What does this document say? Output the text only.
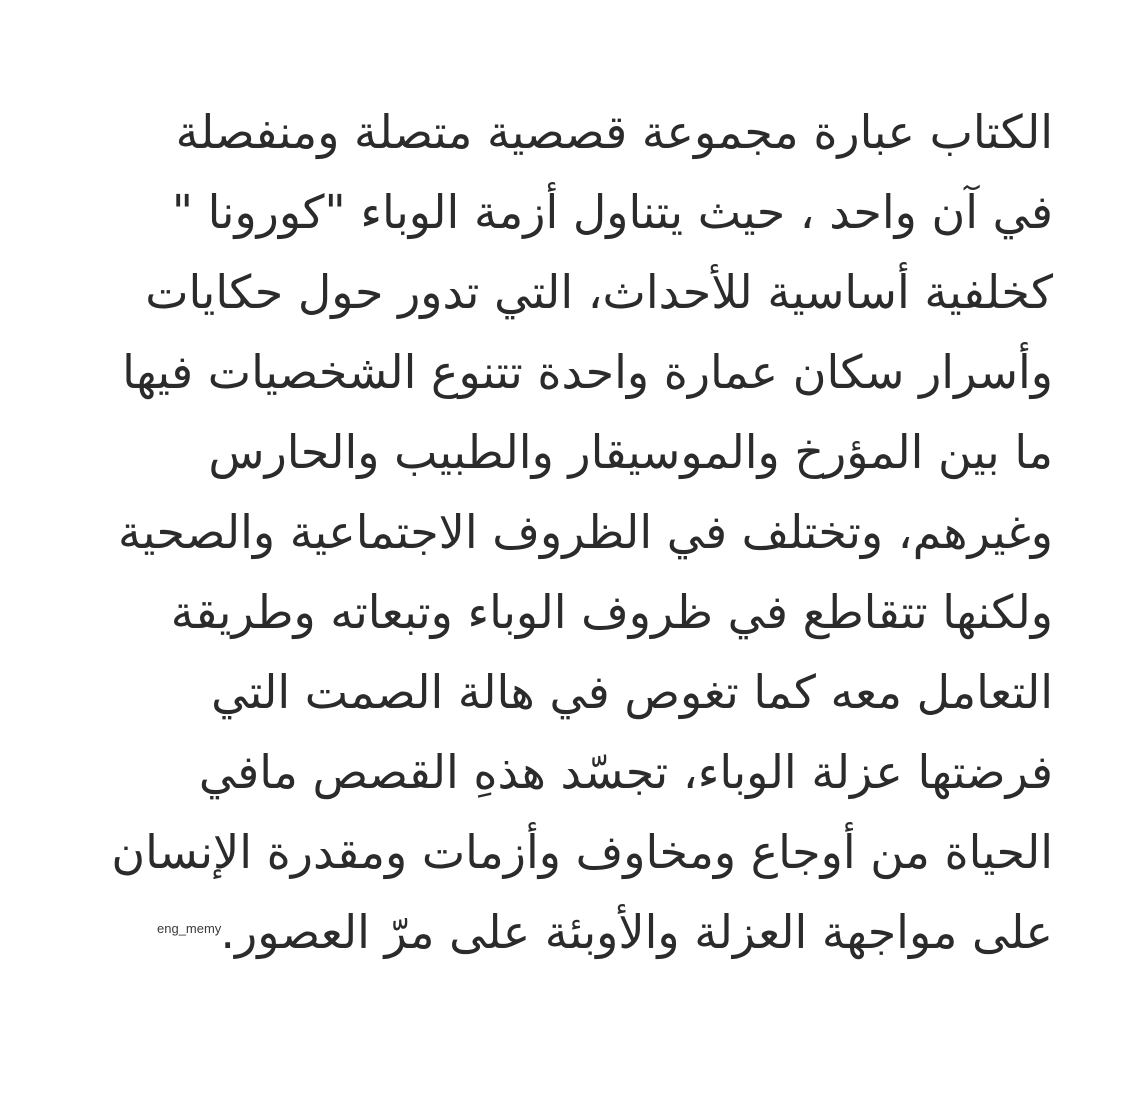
الكتاب عبارة مجموعة قصصية متصلة ومنفصلة
في آن واحد ، حيث يتناول أزمة الوباء "كورونا "
كخلفية أساسية للأحداث، التي تدور حول حكايات
وأسرار سكان عمارة واحدة تتنوع الشخصيات فيها
ما بين المؤرخ والموسيقار والطبيب والحارس
وغيرهم، وتختلف في الظروف الاجتماعية والصحية
ولكنها تتقاطع في ظروف الوباء وتبعاته وطريقة
التعامل معه كما تغوص في هالة الصمت التي
فرضتها عزلة الوباء، تجسّد هذهِ القصص مافي
الحياة من أوجاع ومخاوف وأزمات ومقدرة الإنسان
على مواجهة العزلة والأوبئة على مرّ العصور.
eng_memy
